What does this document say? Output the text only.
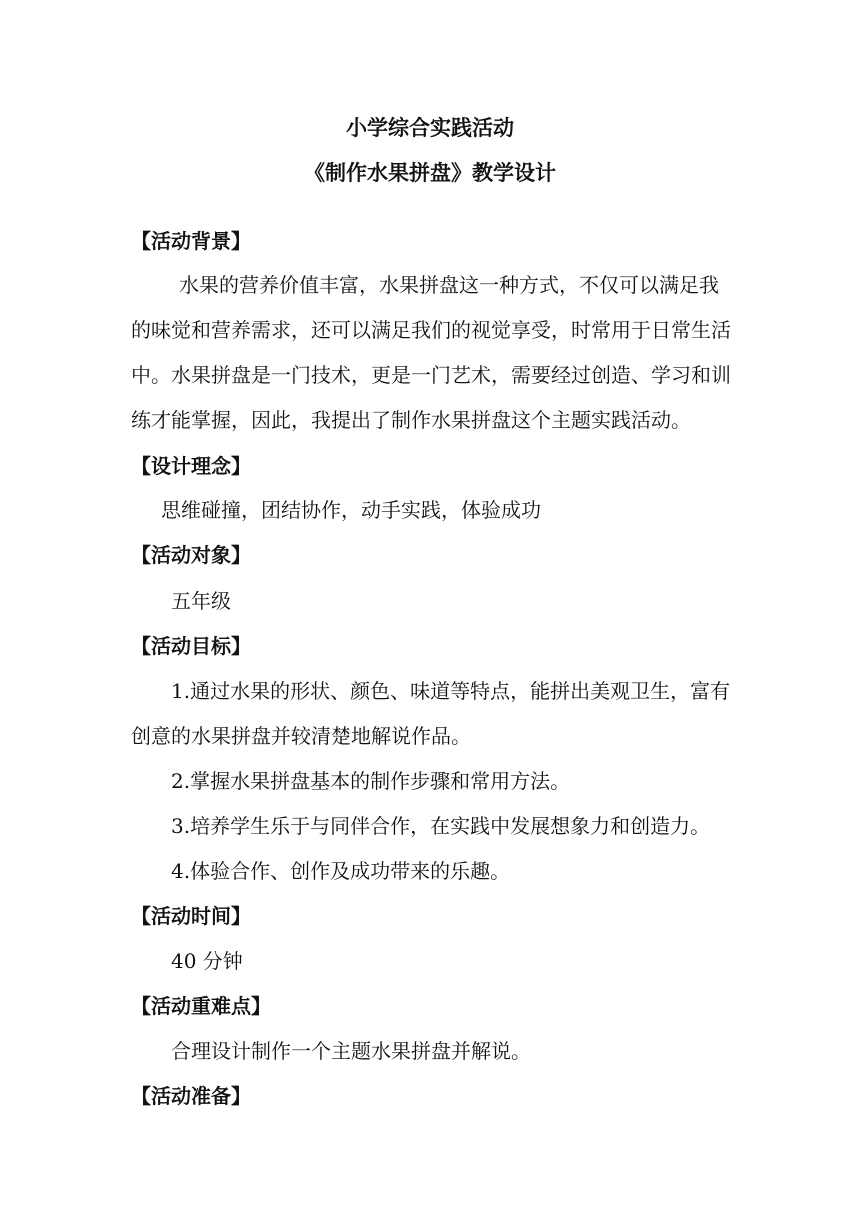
小学综合实践活动
《制作水果拼盘》教学设计
【活动背景】
水果的营养价值丰富，水果拼盘这一种方式，不仅可以满足我
的味觉和营养需求，还可以满足我们的视觉享受，时常用于日常生活
中。水果拼盘是一门技术，更是一门艺术，需要经过创造、学习和训
练才能掌握，因此，我提出了制作水果拼盘这个主题实践活动。
【设计理念】
思维碰撞，团结协作，动手实践，体验成功
【活动对象】
五年级
【活动目标】
1.通过水果的形状、颜色、味道等特点，能拼出美观卫生，富有
创意的水果拼盘并较清楚地解说作品。
2.掌握水果拼盘基本的制作步骤和常用方法。
3.培养学生乐于与同伴合作，在实践中发展想象力和创造力。
4.体验合作、创作及成功带来的乐趣。
【活动时间】
40 分钟
【活动重难点】
合理设计制作一个主题水果拼盘并解说。
【活动准备】
